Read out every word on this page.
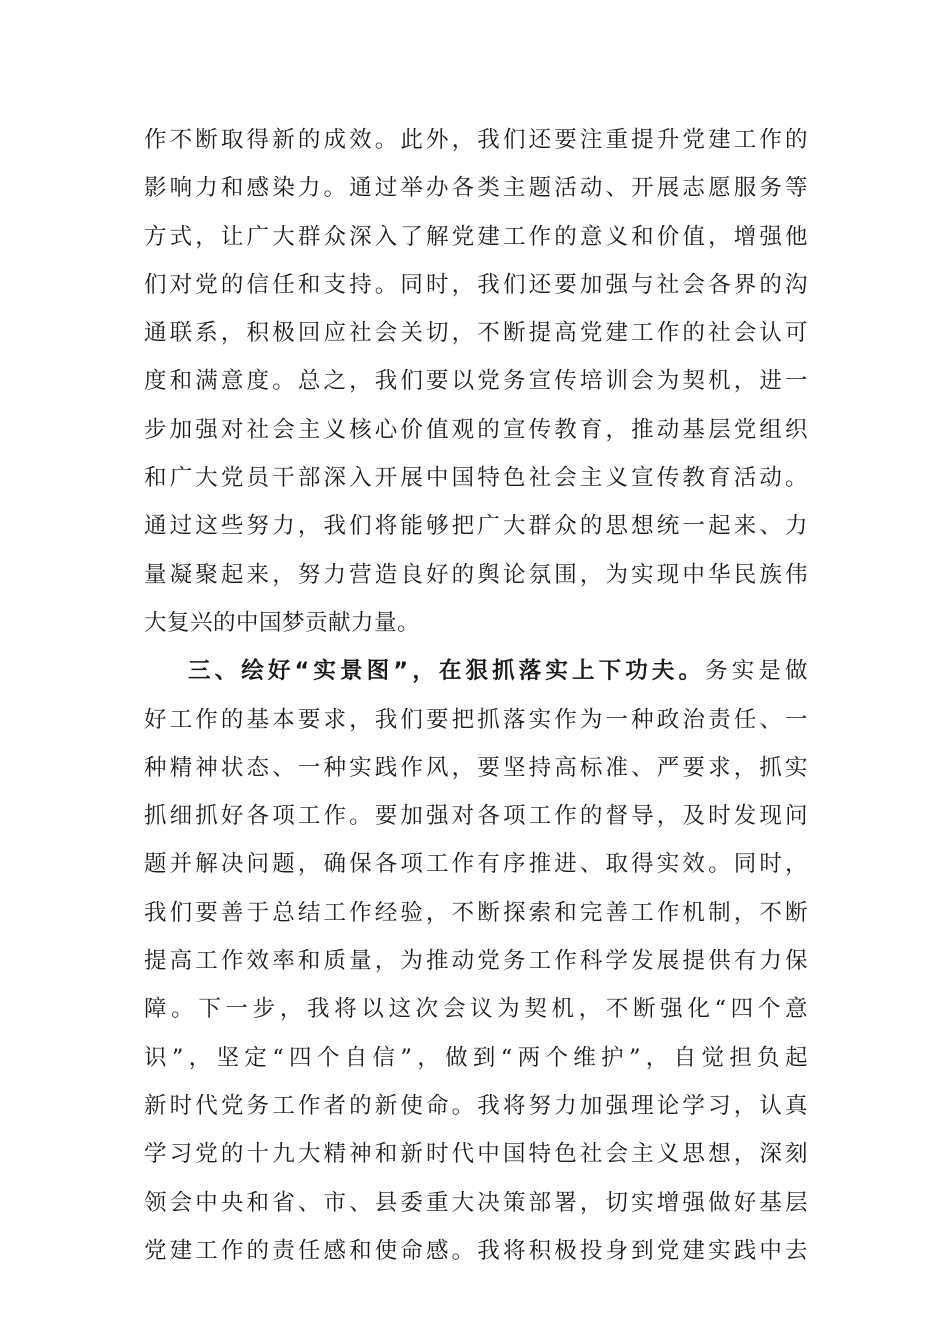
作不断取得新的成效。此外，我们还要注重提升党建工作的
影响力和感染力。通过举办各类主题活动、开展志愿服务等
方式，让广大群众深入了解党建工作的意义和价值，增强他
们对党的信任和支持。同时，我们还要加强与社会各界的沟
通联系，积极回应社会关切，不断提高党建工作的社会认可
度和满意度。总之，我们要以党务宣传培训会为契机，进一
步加强对社会主义核心价值观的宣传教育，推动基层党组织
和广大党员干部深入开展中国特色社会主义宣传教育活动。
通过这些努力，我们将能够把广大群众的思想统一起来、力
量凝聚起来，努力营造良好的舆论氛围，为实现中华民族伟
大复兴的中国梦贡献力量。
三、绘好“实景图”，在狠抓落实上下功夫。务实是做
好工作的基本要求，我们要把抓落实作为一种政治责任、一
种精神状态、一种实践作风，要坚持高标准、严要求，抓实
抓细抓好各项工作。要加强对各项工作的督导，及时发现问
题并解决问题，确保各项工作有序推进、取得实效。同时，
我们要善于总结工作经验，不断探索和完善工作机制，不断
提高工作效率和质量，为推动党务工作科学发展提供有力保
障。下一步，我将以这次会议为契机，不断强化“四个意
识”，坚定“四个自信”，做到“两个维护”，自觉担负起
新时代党务工作者的新使命。我将努力加强理论学习，认真
学习党的十九大精神和新时代中国特色社会主义思想，深刻
领会中央和省、市、县委重大决策部署，切实增强做好基层
党建工作的责任感和使命感。我将积极投身到党建实践中去
